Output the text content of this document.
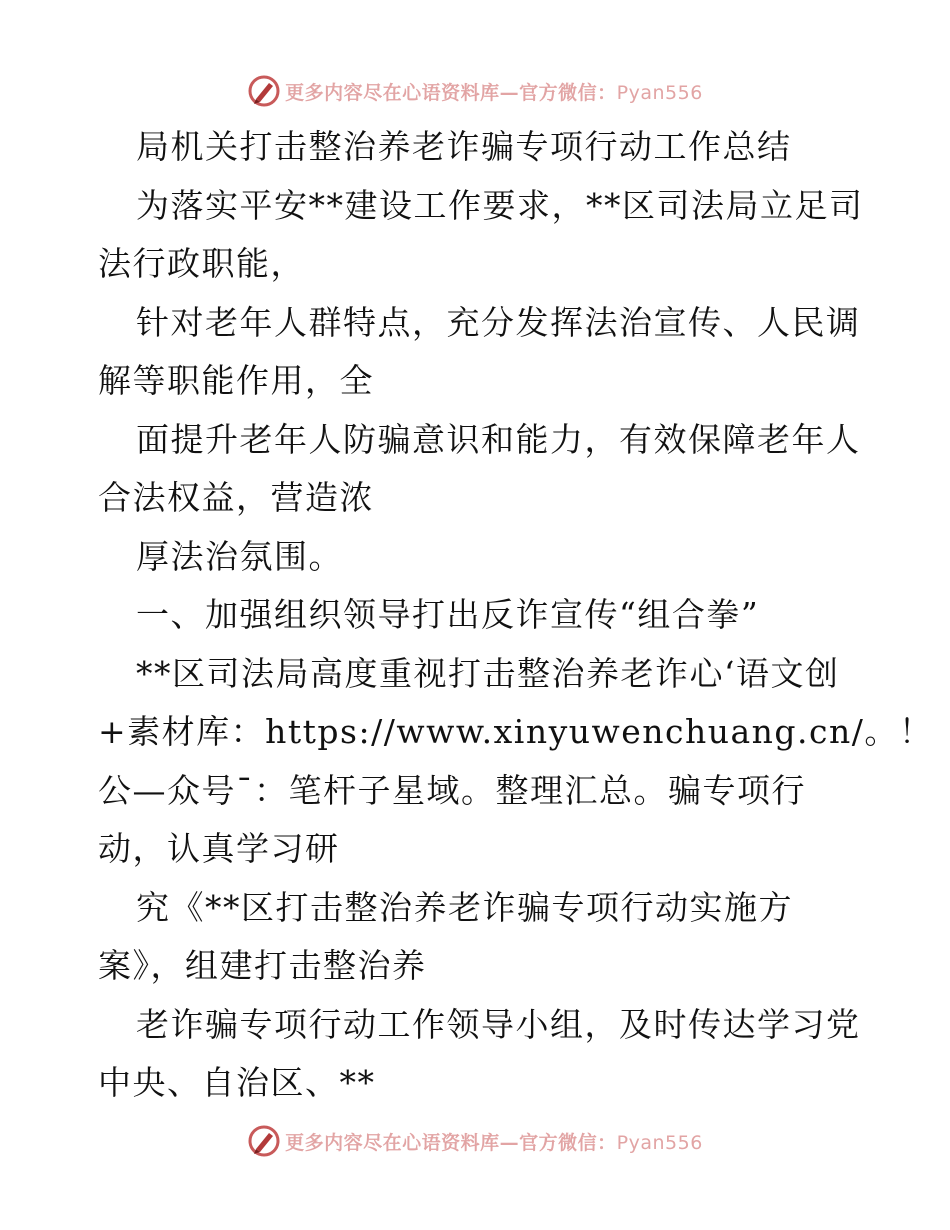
更多内容尽在心语资料库—官方微信：Pyan556
局机关打击整治养老诈骗专项行动工作总结
为落实平安**建设工作要求，**区司法局立足司
法行政职能，
针对老年人群特点，充分发挥法治宣传、人民调
解等职能作用，全
面提升老年人防骗意识和能力，有效保障老年人
合法权益，营造浓
厚法治氛围。
一、加强组织领导打出反诈宣传“组合拳”
**区司法局高度重视打击整治养老诈心‘语文创
+素材库：https://www.xinyuwenchuang.cn/。！
公—众号¯：笔杆子星域。整理汇总。骗专项行
动，认真学习研
究《**区打击整治养老诈骗专项行动实施方
案》，组建打击整治养
老诈骗专项行动工作领导小组，及时传达学习党
中央、自治区、**
更多内容尽在心语资料库—官方微信：Pyan556
